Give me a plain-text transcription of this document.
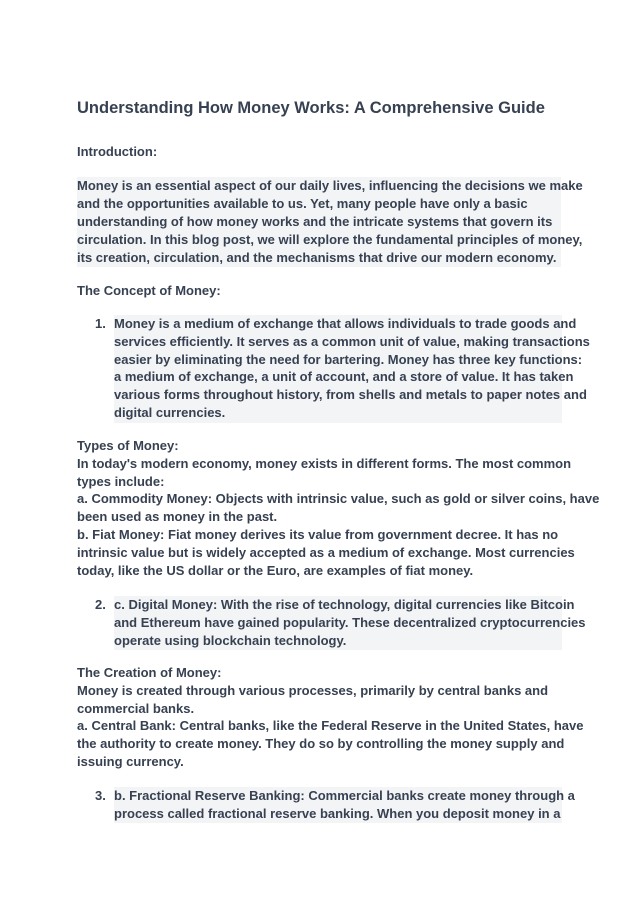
Understanding How Money Works: A Comprehensive Guide
Introduction:

Money is an essential aspect of our daily lives, influencing the decisions we make

and the opportunities available to us. Yet, many people have only a basic

understanding of how money works and the intricate systems that govern its

circulation. In this blog post, we will explore the fundamental principles of money,

its creation, circulation, and the mechanisms that drive our modern economy.

The Concept of Money:
1. Money is a medium of exchange that allows individuals to trade goods and
services efficiently. It serves as a common unit of value, making transactions
easier by eliminating the need for bartering. Money has three key functions:
a medium of exchange, a unit of account, and a store of value. It has taken
various forms throughout history, from shells and metals to paper notes and
digital currencies.
Types of Money:
In today's modern economy, money exists in different forms. The most common
types include:
a. Commodity Money: Objects with intrinsic value, such as gold or silver coins, have
been used as money in the past.
b. Fiat Money: Fiat money derives its value from government decree. It has no
intrinsic value but is widely accepted as a medium of exchange. Most currencies
today, like the US dollar or the Euro, are examples of fiat money.
2. c. Digital Money: With the rise of technology, digital currencies like Bitcoin
and Ethereum have gained popularity. These decentralized cryptocurrencies
operate using blockchain technology.
The Creation of Money:
Money is created through various processes, primarily by central banks and
commercial banks.
a. Central Bank: Central banks, like the Federal Reserve in the United States, have
the authority to create money. They do so by controlling the money supply and
issuing currency.
3. b. Fractional Reserve Banking: Commercial banks create money through a
process called fractional reserve banking. When you deposit money in a
